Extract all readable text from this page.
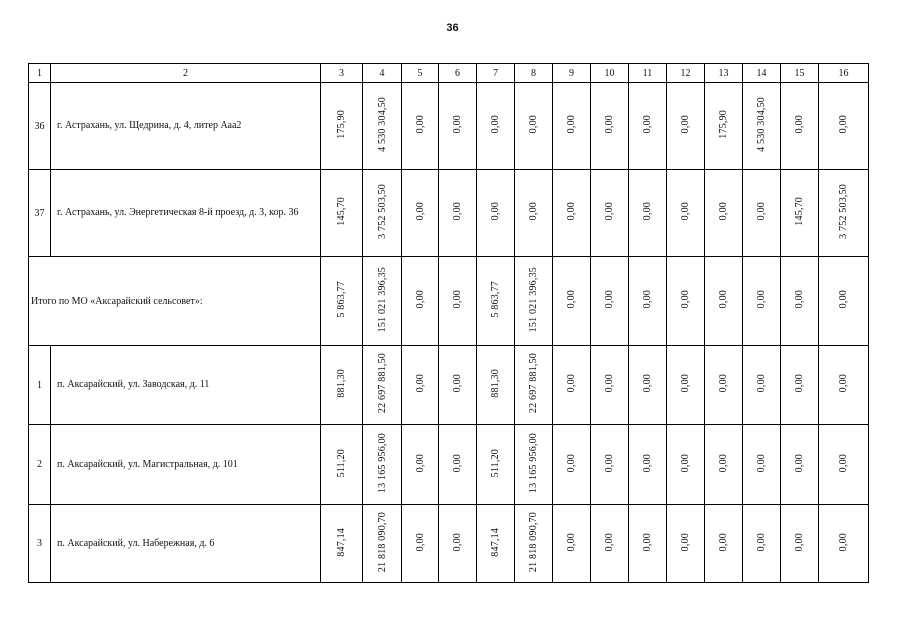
36
1	2	3	4	5	6	7	8	9	10	11	12	13	14	15	16
36	г. Астрахань, ул. Щедрина, д. 4, литер Ааа2	175,90	4 530 304,50	0,00	0,00	0,00	0,00	0,00	0,00	0,00	0,00	175,90	4 530 304,50	0,00	0,00
37	г. Астрахань, ул. Энергетическая 8-й проезд, д. 3, кор. 36	145,70	3 752 503,50	0,00	0,00	0,00	0,00	0,00	0,00	0,00	0,00	0,00	0,00	145,70	3 752 503,50
Итого по МО «Аксарайский сельсовет»:		5 863,77	151 021 396,35	0,00	0,00	5 863,77	151 021 396,35	0,00	0,00	0,00	0,00	0,00	0,00	0,00	0,00
1	п. Аксарайский, ул. Заводская, д. 11	881,30	22 697 881,50	0,00	0,00	881,30	22 697 881,50	0,00	0,00	0,00	0,00	0,00	0,00	0,00	0,00
2	п. Аксарайский, ул. Магистральная, д. 101	511,20	13 165 956,00	0,00	0,00	511,20	13 165 956,00	0,00	0,00	0,00	0,00	0,00	0,00	0,00	0,00
3	п. Аксарайский, ул. Набережная, д. 6	847,14	21 818 090,70	0,00	0,00	847,14	21 818 090,70	0,00	0,00	0,00	0,00	0,00	0,00	0,00	0,00
